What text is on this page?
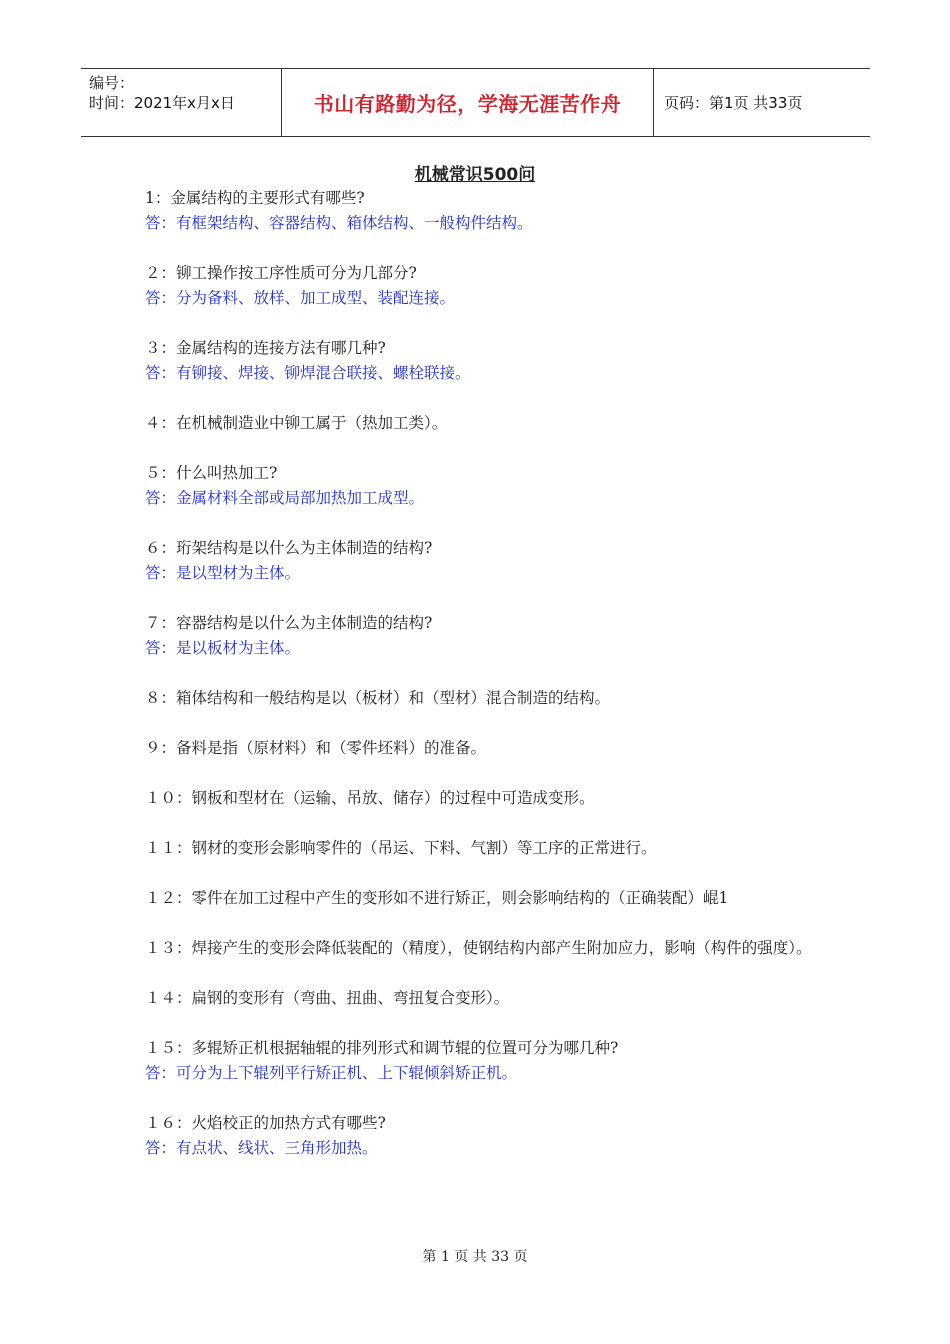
编号：
时间：2021年x月x日	书山有路勤为径，学海无涯苦作舟	页码：第1页 共33页
机械常识500问
1：金属结构的主要形式有哪些?
答：有框架结构、容器结构、箱体结构、一般构件结构。
２：铆工操作按工序性质可分为几部分?
答：分为备料、放样、加工成型、装配连接。
３：金属结构的连接方法有哪几种?
答：有铆接、焊接、铆焊混合联接、螺栓联接。
４：在机械制造业中铆工属于（热加工类）。
５：什么叫热加工?
答：金属材料全部或局部加热加工成型。
６：珩架结构是以什么为主体制造的结构?
答：是以型材为主体。
７：容器结构是以什么为主体制造的结构?
答：是以板材为主体。
８：箱体结构和一般结构是以（板材）和（型材）混合制造的结构。
９：备料是指（原材料）和（零件坯料）的准备。
１０：钢板和型材在（运输、吊放、储存）的过程中可造成变形。
１１：钢材的变形会影响零件的（吊运、下料、气割）等工序的正常进行。
１２：零件在加工过程中产生的变形如不进行矫正，则会影响结构的（正确装配）崐1
１３：焊接产生的变形会降低装配的（精度），使钢结构内部产生附加应力，影响（构件的强度）。
１４：扁钢的变形有（弯曲、扭曲、弯扭复合变形）。
１５：多辊矫正机根据轴辊的排列形式和调节辊的位置可分为哪几种?
答：可分为上下辊列平行矫正机、上下辊倾斜矫正机。
１６：火焰校正的加热方式有哪些?
答：有点状、线状、三角形加热。
第 1 页 共 33 页
